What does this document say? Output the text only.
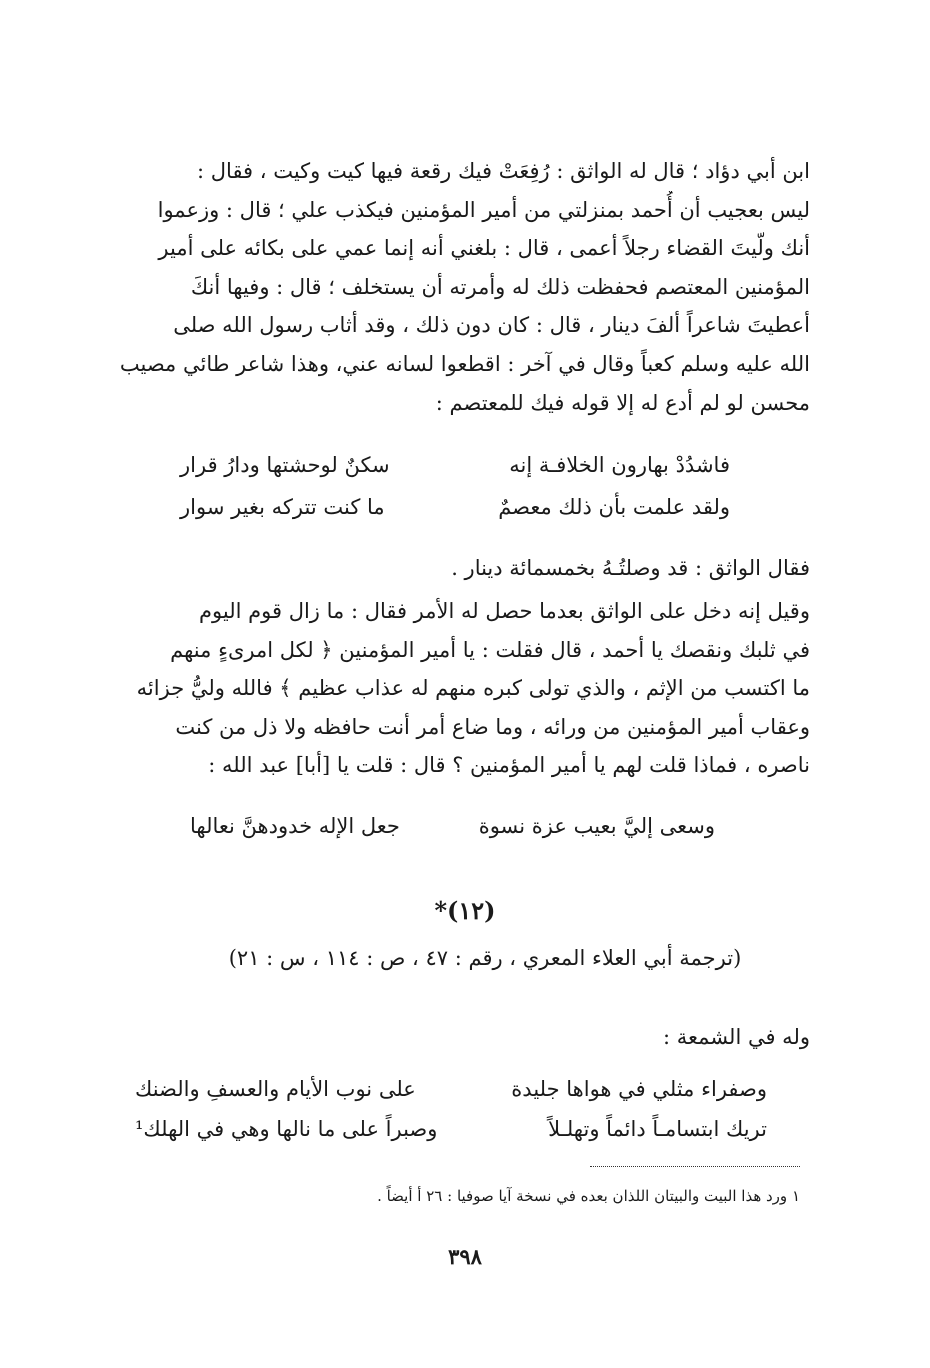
ابن أبي دؤاد ؛ قال له الواثق : رُفِعَتْ فيك رقعة فيها كيت وكيت ، فقال :
ليس بعجيب أن أُحمد بمنزلتي من أمير المؤمنين فيكذب علي ؛ قال : وزعموا
أنك ولّيتَ القضاء رجلاً أعمى ، قال : بلغني أنه إنما عمي على بكائه على أمير
المؤمنين المعتصم فحفظت ذلك له وأمرته أن يستخلف ؛ قال : وفيها أنكَ
أعطيتَ شاعراً ألفَ دينار ، قال : كان دون ذلك ، وقد أثاب رسول الله صلى
الله عليه وسلم كعباً وقال في آخر : اقطعوا لسانه عني، وهذا شاعر طائي مصيب
محسن لو لم أدع له إلا قوله فيك للمعتصم :
فاشدُدْ بهارون الخلافـة إنه
سكنٌ لوحشتها ودارُ قرار
ولقد علمت بأن ذلك معصمٌ
ما كنت تتركه بغير سوار
فقال الواثق : قد وصلتُـهُ بخمسمائة دينار .
وقيل إنه دخل على الواثق بعدما حصل له الأمر فقال : ما زال قوم اليوم
في ثلبك ونقصك يا أحمد ، قال فقلت : يا أمير المؤمنين ﴿ لكل امرىءٍ منهم
ما اكتسب من الإثم ، والذي تولى كبره منهم له عذاب عظيم ﴾ فالله وليُّ جزائه
وعقاب أمير المؤمنين من ورائه ، وما ضاع أمر أنت حافظه ولا ذل من كنت
ناصره ، فماذا قلت لهم يا أمير المؤمنين ؟ قال : قلت يا [أبا] عبد الله :
وسعى إليَّ بعيب عزة نسوة
جعل الإله خدودهنَّ نعالها
(١٢)*
(ترجمة أبي العلاء المعري ، رقم : ٤٧ ، ص : ١١٤ ، س : ٢١)
وله في الشمعة :
وصفراء مثلي في هواها جليدة
على نوب الأيام والعسفِ والضنك
تريك ابتسامـاً دائماً وتهلـلاً
وصبراً على ما نالها وهي في الهلك¹
١ ورد هذا البيت والبيتان اللذان بعده في نسخة آيا صوفيا : ٢٦ أ أيضاً .
٣٩٨
